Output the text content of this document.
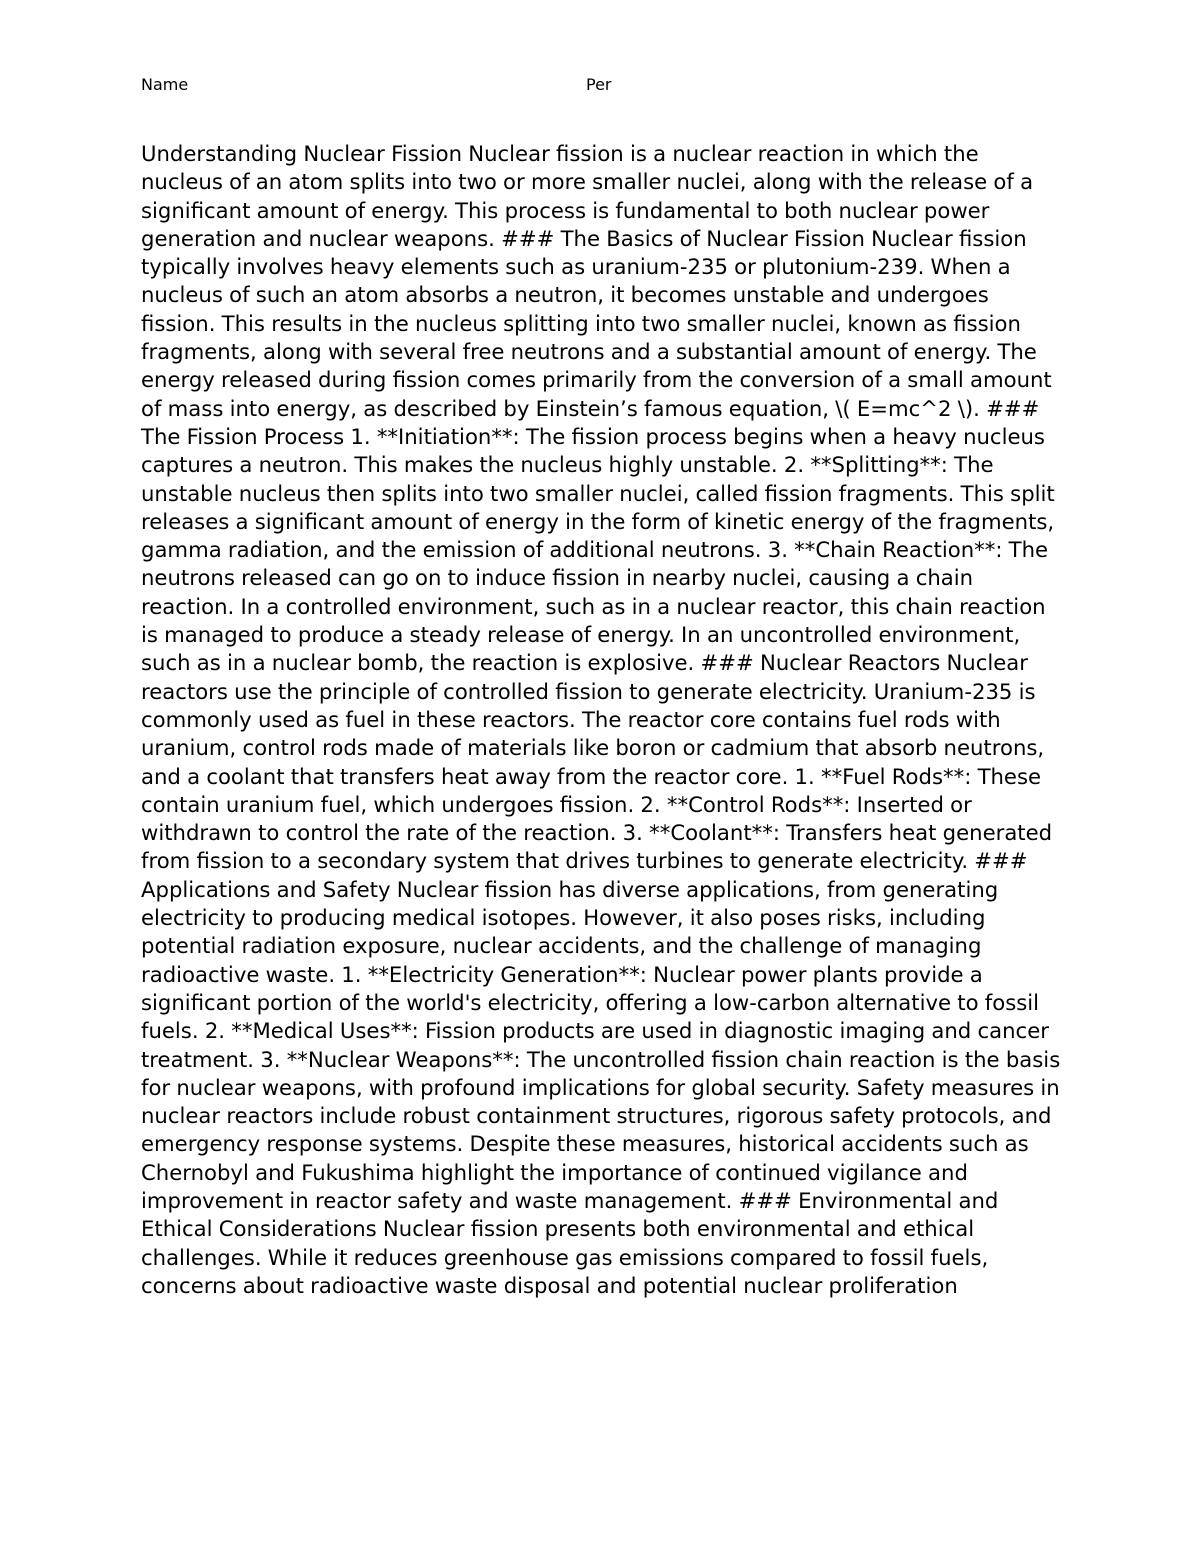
Name	Per

Understanding Nuclear Fission Nuclear fission is a nuclear reaction in which the nucleus of an atom splits into two or more smaller nuclei, along with the release of a significant amount of energy. This process is fundamental to both nuclear power generation and nuclear weapons. ### The Basics of Nuclear Fission Nuclear fission typically involves heavy elements such as uranium-235 or plutonium-239. When a nucleus of such an atom absorbs a neutron, it becomes unstable and undergoes fission. This results in the nucleus splitting into two smaller nuclei, known as fission fragments, along with several free neutrons and a substantial amount of energy. The energy released during fission comes primarily from the conversion of a small amount of mass into energy, as described by Einstein’s famous equation, \( E=mc^2 \). ### The Fission Process 1. **Initiation**: The fission process begins when a heavy nucleus captures a neutron. This makes the nucleus highly unstable. 2. **Splitting**: The unstable nucleus then splits into two smaller nuclei, called fission fragments. This split releases a significant amount of energy in the form of kinetic energy of the fragments, gamma radiation, and the emission of additional neutrons. 3. **Chain Reaction**: The neutrons released can go on to induce fission in nearby nuclei, causing a chain reaction. In a controlled environment, such as in a nuclear reactor, this chain reaction is managed to produce a steady release of energy. In an uncontrolled environment, such as in a nuclear bomb, the reaction is explosive. ### Nuclear Reactors Nuclear reactors use the principle of controlled fission to generate electricity. Uranium-235 is commonly used as fuel in these reactors. The reactor core contains fuel rods with uranium, control rods made of materials like boron or cadmium that absorb neutrons, and a coolant that transfers heat away from the reactor core. 1. **Fuel Rods**: These contain uranium fuel, which undergoes fission. 2. **Control Rods**: Inserted or withdrawn to control the rate of the reaction. 3. **Coolant**: Transfers heat generated from fission to a secondary system that drives turbines to generate electricity. ### Applications and Safety Nuclear fission has diverse applications, from generating electricity to producing medical isotopes. However, it also poses risks, including potential radiation exposure, nuclear accidents, and the challenge of managing radioactive waste. 1. **Electricity Generation**: Nuclear power plants provide a significant portion of the world's electricity, offering a low-carbon alternative to fossil fuels. 2. **Medical Uses**: Fission products are used in diagnostic imaging and cancer treatment. 3. **Nuclear Weapons**: The uncontrolled fission chain reaction is the basis for nuclear weapons, with profound implications for global security. Safety measures in nuclear reactors include robust containment structures, rigorous safety protocols, and emergency response systems. Despite these measures, historical accidents such as Chernobyl and Fukushima highlight the importance of continued vigilance and improvement in reactor safety and waste management. ### Environmental and Ethical Considerations Nuclear fission presents both environmental and ethical challenges. While it reduces greenhouse gas emissions compared to fossil fuels, concerns about radioactive waste disposal and potential nuclear proliferation
